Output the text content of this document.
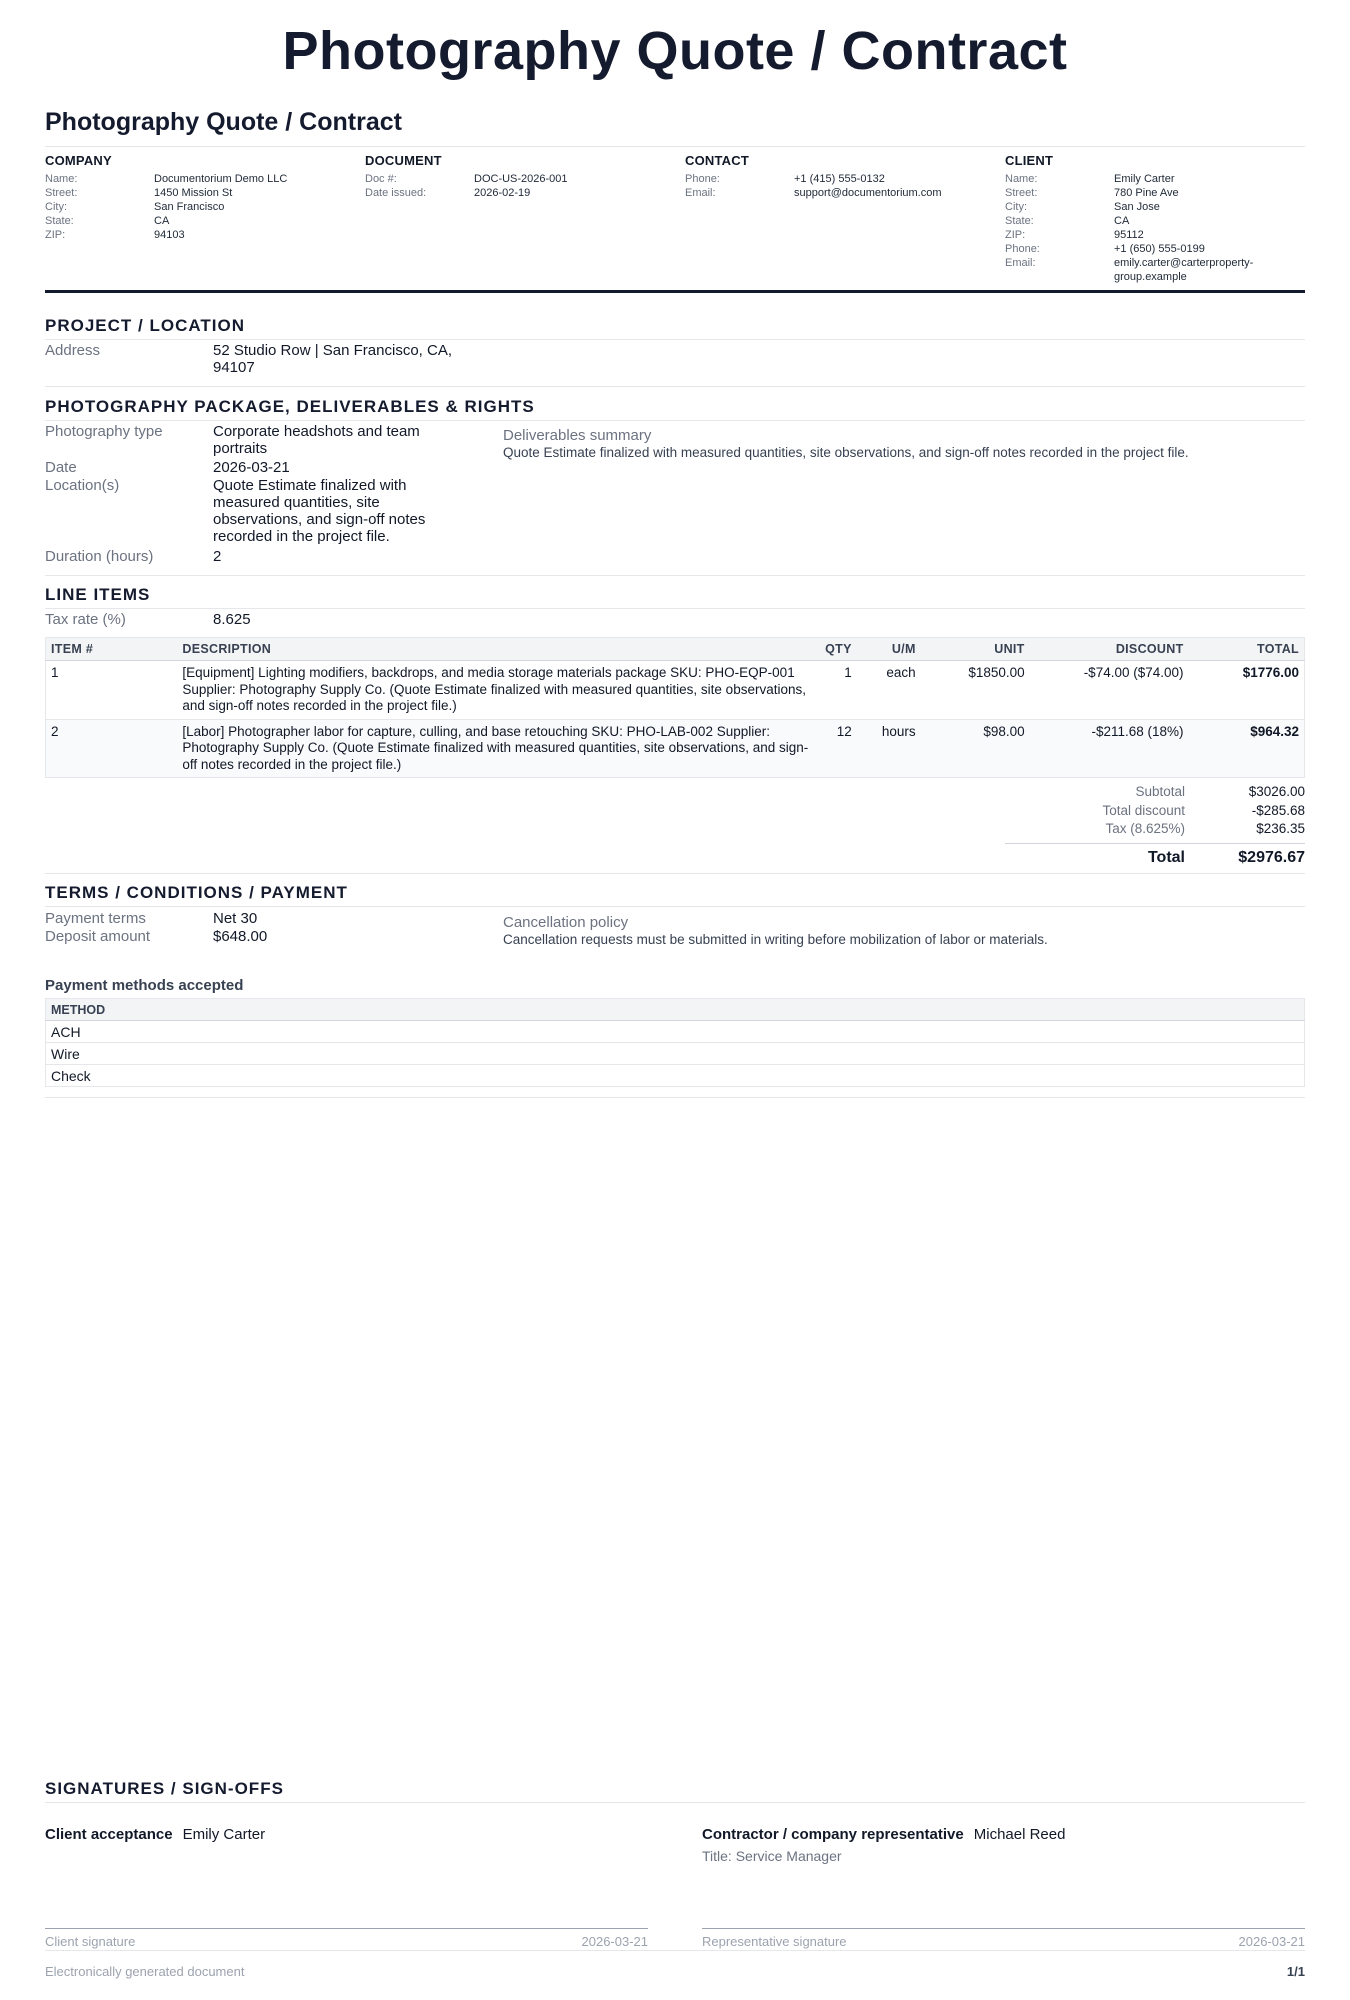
Photography Quote / Contract
Photography Quote / Contract
COMPANY
Name:	Documentorium Demo LLC
Street:	1450 Mission St
City:	San Francisco
State:	CA
ZIP:	94103
DOCUMENT
Doc #:	DOC-US-2026-001
Date issued:	2026-02-19
CONTACT
Phone:	+1 (415) 555-0132
Email:	support@documentorium.com
CLIENT
Name:	Emily Carter
Street:	780 Pine Ave
City:	San Jose
State:	CA
ZIP:	95112
Phone:	+1 (650) 555-0199
Email:	emily.carter@carterproperty-group.example
PROJECT / LOCATION
Address	52 Studio Row | San Francisco, CA, 94107
PHOTOGRAPHY PACKAGE, DELIVERABLES & RIGHTS
Photography type	Corporate headshots and team portraits
Date	2026-03-21
Location(s)	Quote Estimate finalized with measured quantities, site observations, and sign-off notes recorded in the project file.
Duration (hours)	2
Deliverables summary
Quote Estimate finalized with measured quantities, site observations, and sign-off notes recorded in the project file.
LINE ITEMS
Tax rate (%)	8.625
ITEM #	DESCRIPTION	QTY	U/M	UNIT	DISCOUNT	TOTAL
1	[Equipment] Lighting modifiers, backdrops, and media storage materials package SKU: PHO-EQP-001 Supplier: Photography Supply Co. (Quote Estimate finalized with measured quantities, site observations, and sign-off notes recorded in the project file.)	1	each	$1850.00	-$74.00 ($74.00)	$1776.00
2	[Labor] Photographer labor for capture, culling, and base retouching SKU: PHO-LAB-002 Supplier: Photography Supply Co. (Quote Estimate finalized with measured quantities, site observations, and sign-off notes recorded in the project file.)	12	hours	$98.00	-$211.68 (18%)	$964.32
Subtotal	$3026.00
Total discount	-$285.68
Tax (8.625%)	$236.35
Total	$2976.67
TERMS / CONDITIONS / PAYMENT
Payment terms	Net 30
Deposit amount	$648.00
Cancellation policy
Cancellation requests must be submitted in writing before mobilization of labor or materials.
Payment methods accepted
METHOD
ACH
Wire
Check
SIGNATURES / SIGN-OFFS
Client acceptance Emily Carter	Contractor / company representative Michael Reed
Title: Service Manager
Client signature	2026-03-21	Representative signature	2026-03-21
Electronically generated document	1/1
